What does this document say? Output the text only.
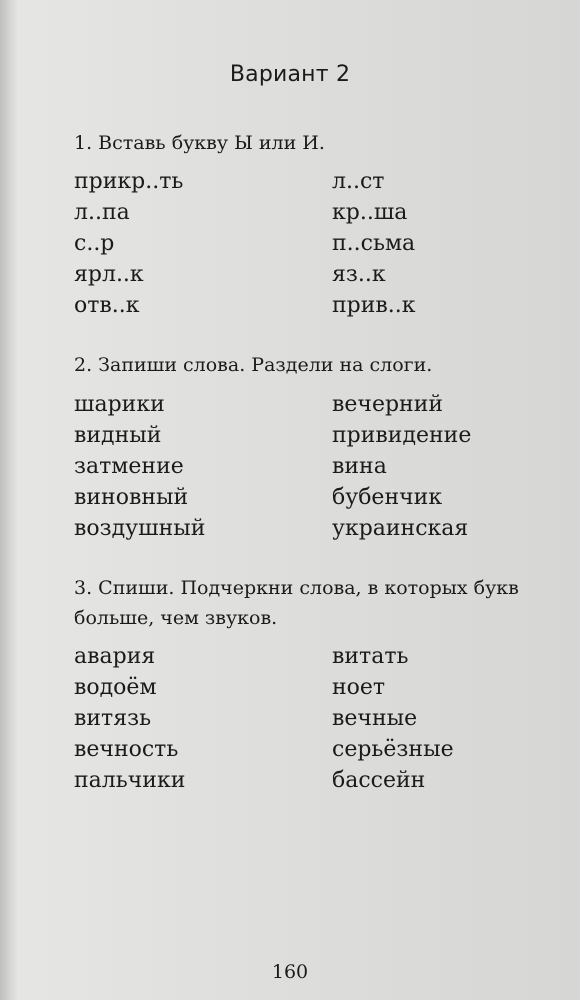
Вариант 2
1. Вставь букву Ы или И.
прикр..ть
л..па
с..р
ярл..к
отв..к
л..ст
кр..ша
п..сьма
яз..к
прив..к
2. Запиши слова. Раздели на слоги.
шарики
видный
затмение
виновный
воздушный
вечерний
привидение
вина
бубенчик
украинская
3. Спиши. Подчеркни слова, в которых букв больше, чем звуков.
авария
водоём
витязь
вечность
пальчики
витать
ноет
вечные
серьёзные
бассейн
160
